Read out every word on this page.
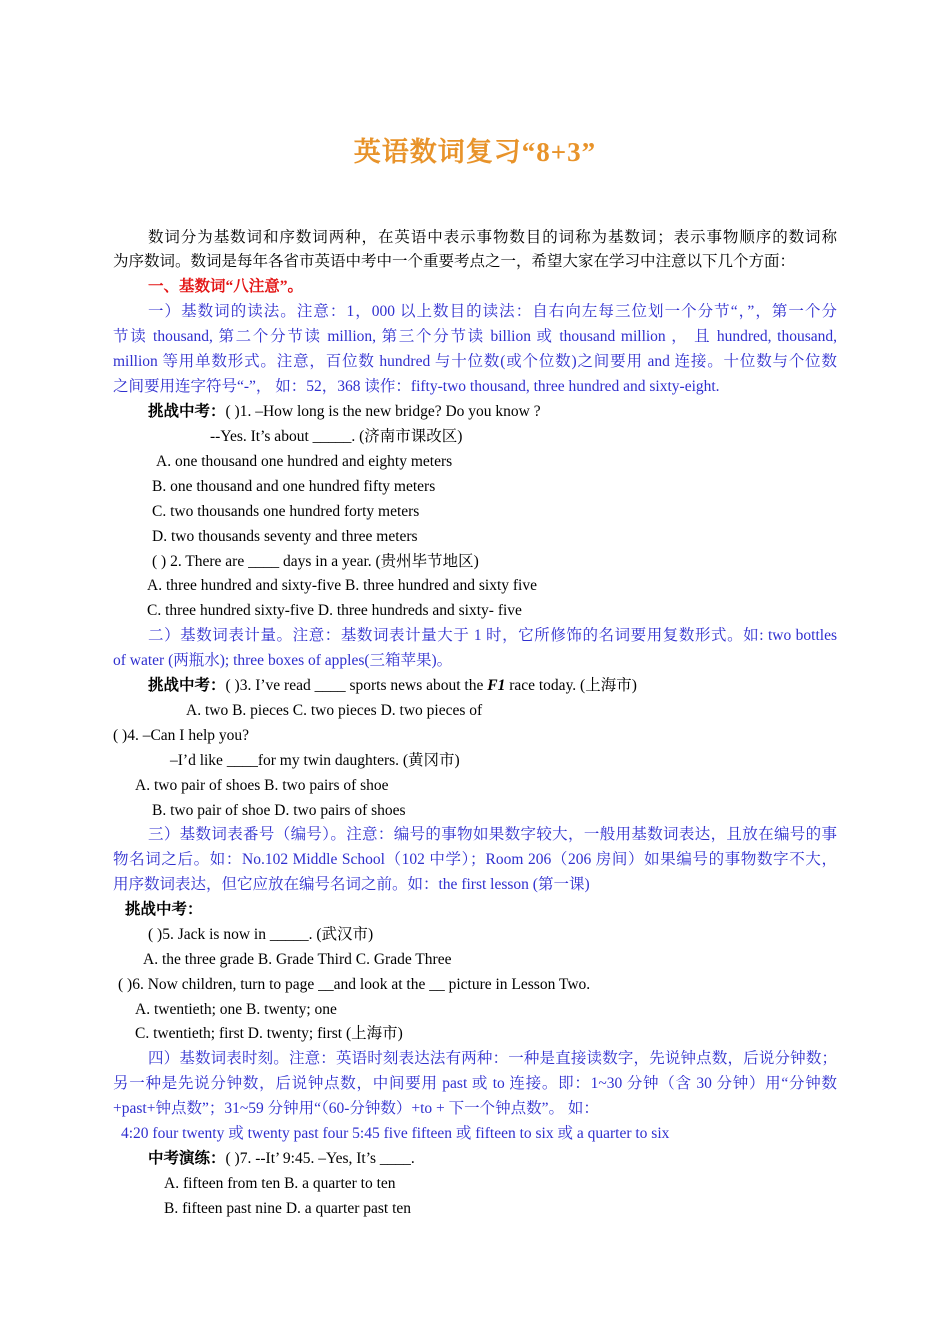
英语数词复习“8+3”
数词分为基数词和序数词两种，在英语中表示事物数目的词称为基数词；表示事物顺序的数词称
为序数词。数词是每年各省市英语中考中一个重要考点之一，希望大家在学习中注意以下几个方面：
一、基数词“八注意”。
一）基数词的读法。注意：1，000 以上数目的读法：自右向左每三位划一个分节“，”，第一个分
节读 thousand, 第二个分节读 million, 第三个分节读 billion 或 thousand million ， 且 hundred, thousand,
million 等用单数形式。注意，百位数 hundred 与十位数(或个位数)之间要用 and 连接。十位数与个位数
之间要用连字符号“-”， 如：52，368 读作：fifty-two thousand, three hundred and sixty-eight.
挑战中考：( )1. –How long is the new bridge? Do you know ?
--Yes. It’s about _____. (济南市课改区)
A. one thousand one hundred and eighty meters
B. one thousand and one hundred fifty meters
C. two thousands one hundred forty meters
D. two thousands seventy and three meters
( ) 2. There are ____ days in a year. (贵州毕节地区)
A. three hundred and sixty-five B. three hundred and sixty five
C. three hundred sixty-five D. three hundreds and sixty- five
二）基数词表计量。注意：基数词表计量大于 1 时，它所修饰的名词要用复数形式。如: two bottles
of water (两瓶水); three boxes of apples(三箱苹果)。
挑战中考：( )3. I’ve read ____ sports news about the F1 race today. (上海市)
A. two B. pieces C. two pieces D. two pieces of
( )4. –Can I help you?
–I’d like ____for my twin daughters. (黄冈市)
A. two pair of shoes B. two pairs of shoe
B. two pair of shoe D. two pairs of shoes
三）基数词表番号（编号）。注意：编号的事物如果数字较大，一般用基数词表达，且放在编号的事
物名词之后。如：No.102 Middle School（102 中学）；Room 206（206 房间）如果编号的事物数字不大，
用序数词表达，但它应放在编号名词之前。如：the first lesson (第一课)
挑战中考：
( )5. Jack is now in _____. (武汉市)
A. the three grade B. Grade Third C. Grade Three
( )6. Now children, turn to page __and look at the __ picture in Lesson Two.
A. twentieth; one B. twenty; one
C. twentieth; first D. twenty; first (上海市)
四）基数词表时刻。注意：英语时刻表达法有两种：一种是直接读数字，先说钟点数，后说分钟数；
另一种是先说分钟数，后说钟点数，中间要用 past 或 to 连接。即：1~30 分钟（含 30 分钟）用“分钟数
+past+钟点数”；31~59 分钟用“（60-分钟数）+to + 下一个钟点数”。 如：
4:20 four twenty 或 twenty past four 5:45 five fifteen 或 fifteen to six 或 a quarter to six
中考演练：( )7. --It’ 9:45. –Yes, It’s ____.
A. fifteen from ten B. a quarter to ten
B. fifteen past nine D. a quarter past ten
